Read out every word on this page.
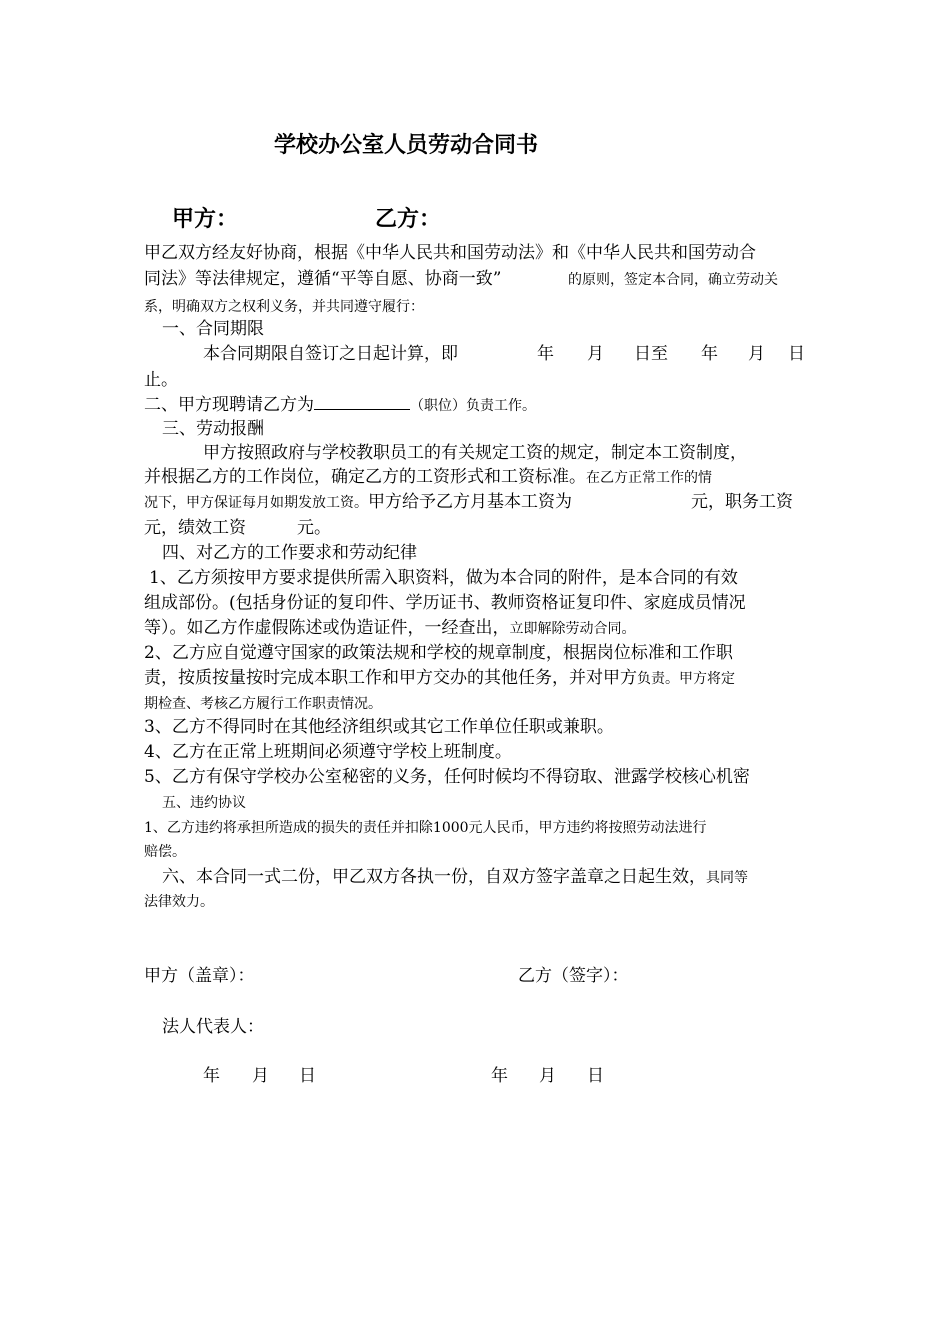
学校办公室人员劳动合同书
甲方：	乙方：
甲乙双方经友好协商，根据《中华人民共和国劳动法》和《中华人民共和国劳动合
同法》等法律规定，遵循“平等自愿、协商一致”	的原则，签定本合同，确立劳动关
系，明确双方之权利义务，并共同遵守履行：
一、合同期限
本合同期限自签订之日起计算，即	年 月 日至 年 月 日
止。
二、甲方现聘请乙方为	（职位）负责工作。
三、劳动报酬
甲方按照政府与学校教职员工的有关规定工资的规定，制定本工资制度，
并根据乙方的工作岗位，确定乙方的工资形式和工资标准。在乙方正常工作的情
况下，甲方保证每月如期发放工资。甲方给予乙方月基本工资为	元，职务工资
元，绩效工资	元。
四、对乙方的工作要求和劳动纪律
1、乙方须按甲方要求提供所需入职资料，做为本合同的附件，是本合同的有效
组成部份。(包括身份证的复印件、学历证书、教师资格证复印件、家庭成员情况
等）。如乙方作虚假陈述或伪造证件，一经查出，立即解除劳动合同。
2、乙方应自觉遵守国家的政策法规和学校的规章制度，根据岗位标准和工作职
责，按质按量按时完成本职工作和甲方交办的其他任务，并对甲方负责。甲方将定
期检查、考核乙方履行工作职责情况。
3、乙方不得同时在其他经济组织或其它工作单位任职或兼职。
4、乙方在正常上班期间必须遵守学校上班制度。
5、乙方有保守学校办公室秘密的义务，任何时候均不得窃取、泄露学校核心机密
五、违约协议
1、乙方违约将承担所造成的损失的责任并扣除1000元人民币，甲方违约将按照劳动法进行
赔偿。
六、本合同一式二份，甲乙双方各执一份，自双方签字盖章之日起生效，具同等
法律效力。
甲方（盖章）：	乙方（签字）：
法人代表人：
年 月 日	年 月 日
